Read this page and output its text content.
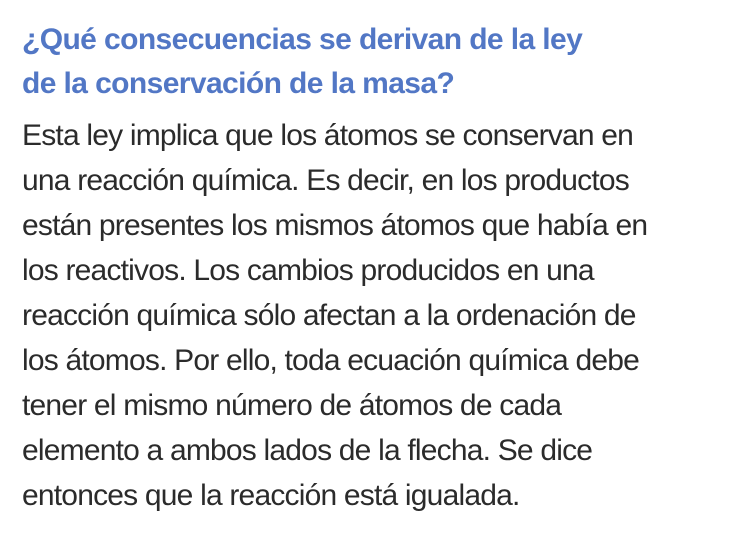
¿Qué consecuencias se derivan de la ley
de la conservación de la masa?
Esta ley implica que los átomos se conservan en
una reacción química. Es decir, en los productos
están presentes los mismos átomos que había en
los reactivos. Los cambios producidos en una
reacción química sólo afectan a la ordenación de
los átomos. Por ello, toda ecuación química debe
tener el mismo número de átomos de cada
elemento a ambos lados de la flecha. Se dice
entonces que la reacción está igualada.
